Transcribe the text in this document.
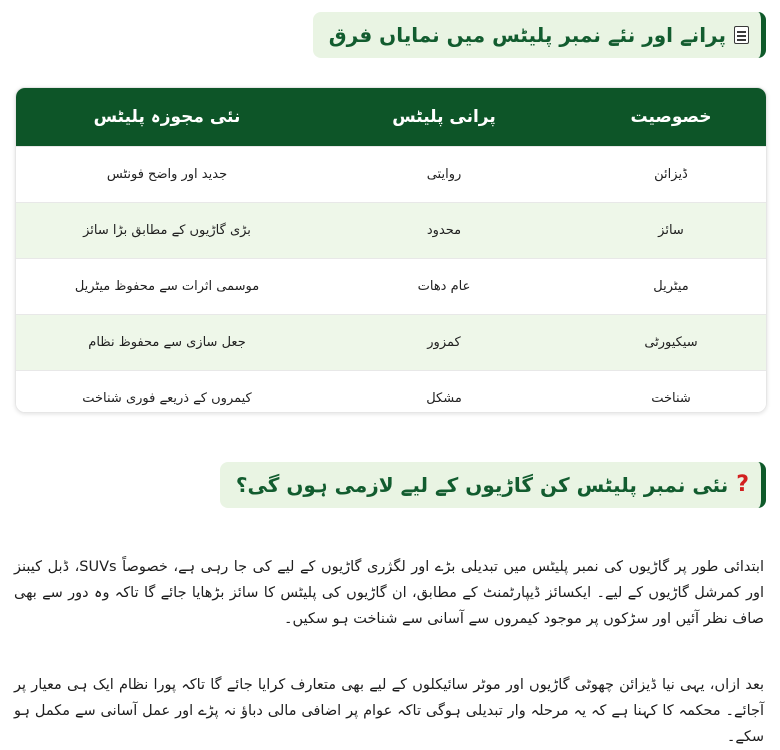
پرانے اور نئے نمبر پلیٹس میں نمایاں فرق
خصوصیت	پرانی پلیٹس	نئی مجوزہ پلیٹس
ڈیزائن	روایتی	جدید اور واضح فونٹس
سائز	محدود	بڑی گاڑیوں کے مطابق بڑا سائز
میٹریل	عام دھات	موسمی اثرات سے محفوظ میٹریل
سیکیورٹی	کمزور	جعل سازی سے محفوظ نظام
شناخت	مشکل	کیمروں کے ذریعے فوری شناخت
?
نئی نمبر پلیٹس کن گاڑیوں کے لیے لازمی ہوں گی؟

ابتدائی طور پر گاڑیوں کی نمبر پلیٹس میں تبدیلی بڑے اور لگژری گاڑیوں کے لیے کی جا رہی ہے، خصوصاً SUVs، ڈبل کیبنز اور کمرشل گاڑیوں کے لیے۔ ایکسائز ڈیپارٹمنٹ کے مطابق، ان گاڑیوں کی پلیٹس کا سائز بڑھایا جائے گا تاکہ وہ دور سے بھی صاف نظر آئیں اور سڑکوں پر موجود کیمروں سے آسانی سے شناخت ہو سکیں۔

بعد ازاں، یہی نیا ڈیزائن چھوٹی گاڑیوں اور موٹر سائیکلوں کے لیے بھی متعارف کرایا جائے گا تاکہ پورا نظام ایک ہی معیار پر آجائے۔ محکمہ کا کہنا ہے کہ یہ مرحلہ وار تبدیلی ہوگی تاکہ عوام پر اضافی مالی دباؤ نہ پڑے اور عمل آسانی سے مکمل ہو سکے۔
